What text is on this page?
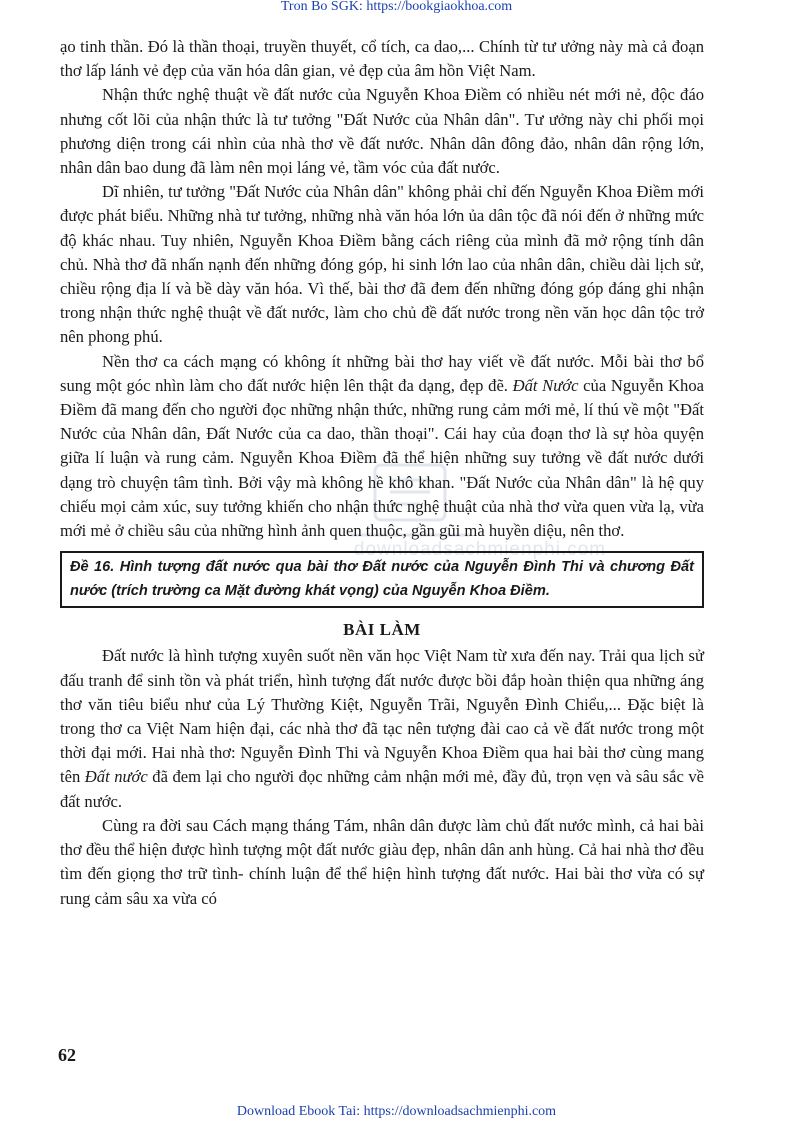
Tron Bo SGK: https://bookgiaokhoa.com
downloadsachmienphi.com

ạo tinh thần. Đó là thần thoại, truyền thuyết, cổ tích, ca dao,... Chính từ tư ưởng này mà cả đoạn thơ lấp lánh vẻ đẹp của văn hóa dân gian, vẻ đẹp của âm hồn Việt Nam.

Nhận thức nghệ thuật về đất nước của Nguyễn Khoa Điềm có nhiều nét mới nẻ, độc đáo nhưng cốt lõi của nhận thức là tư tưởng "Đất Nước của Nhân dân". Tư ưởng này chi phối mọi phương diện trong cái nhìn của nhà thơ về đất nước. Nhân dân đông đảo, nhân dân rộng lớn, nhân dân bao dung đã làm nên mọi láng vẻ, tầm vóc của đất nước.

Dĩ nhiên, tư tưởng "Đất Nước của Nhân dân" không phải chỉ đến Nguyễn Khoa Điềm mới được phát biểu. Những nhà tư tưởng, những nhà văn hóa lớn ủa dân tộc đã nói đến ở những mức độ khác nhau. Tuy nhiên, Nguyễn Khoa Điềm bằng cách riêng của mình đã mở rộng tính dân chủ. Nhà thơ đã nhấn nạnh đến những đóng góp, hi sinh lớn lao của nhân dân, chiều dài lịch sử, chiều rộng địa lí và bề dày văn hóa. Vì thế, bài thơ đã đem đến những đóng góp đáng ghi nhận trong nhận thức nghệ thuật về đất nước, làm cho chủ đề đất nước trong nền văn học dân tộc trở nên phong phú.

Nền thơ ca cách mạng có không ít những bài thơ hay viết về đất nước. Mỗi bài thơ bổ sung một góc nhìn làm cho đất nước hiện lên thật đa dạng, đẹp đẽ. Đất Nước của Nguyễn Khoa Điềm đã mang đến cho người đọc những nhận thức, những rung cảm mới mẻ, lí thú về một "Đất Nước của Nhân dân, Đất Nước của ca dao, thần thoại". Cái hay của đoạn thơ là sự hòa quyện giữa lí luận và rung cảm. Nguyễn Khoa Điềm đã thể hiện những suy tưởng về đất nước dưới dạng trò chuyện tâm tình. Bởi vậy mà không hề khô khan. "Đất Nước của Nhân dân" là hệ quy chiếu mọi cảm xúc, suy tưởng khiến cho nhận thức nghệ thuật của nhà thơ vừa quen vừa lạ, vừa mới mẻ ở chiều sâu của những hình ảnh quen thuộc, gần gũi mà huyền diệu, nên thơ.

Đề 16. Hình tượng đất nước qua bài thơ Đất nước của Nguyễn Đình Thi và chương Đất nước (trích trường ca Mặt đường khát vọng) của Nguyễn Khoa Điềm.
BÀI LÀM

Đất nước là hình tượng xuyên suốt nền văn học Việt Nam từ xưa đến nay. Trải qua lịch sử đấu tranh để sinh tồn và phát triển, hình tượng đất nước được bồi đắp hoàn thiện qua những áng thơ văn tiêu biểu như của Lý Thường Kiệt, Nguyễn Trãi, Nguyễn Đình Chiểu,... Đặc biệt là trong thơ ca Việt Nam hiện đại, các nhà thơ đã tạc nên tượng đài cao cả về đất nước trong một thời đại mới. Hai nhà thơ: Nguyễn Đình Thi và Nguyễn Khoa Điềm qua hai bài thơ cùng mang tên Đất nước đã đem lại cho người đọc những cảm nhận mới mẻ, đầy đủ, trọn vẹn và sâu sắc về đất nước.

Cùng ra đời sau Cách mạng tháng Tám, nhân dân được làm chủ đất nước mình, cả hai bài thơ đều thể hiện được hình tượng một đất nước giàu đẹp, nhân dân anh hùng. Cả hai nhà thơ đều tìm đến giọng thơ trữ tình- chính luận để thể hiện hình tượng đất nước. Hai bài thơ vừa có sự rung cảm sâu xa vừa có

62
Download Ebook Tai: https://downloadsachmienphi.com
